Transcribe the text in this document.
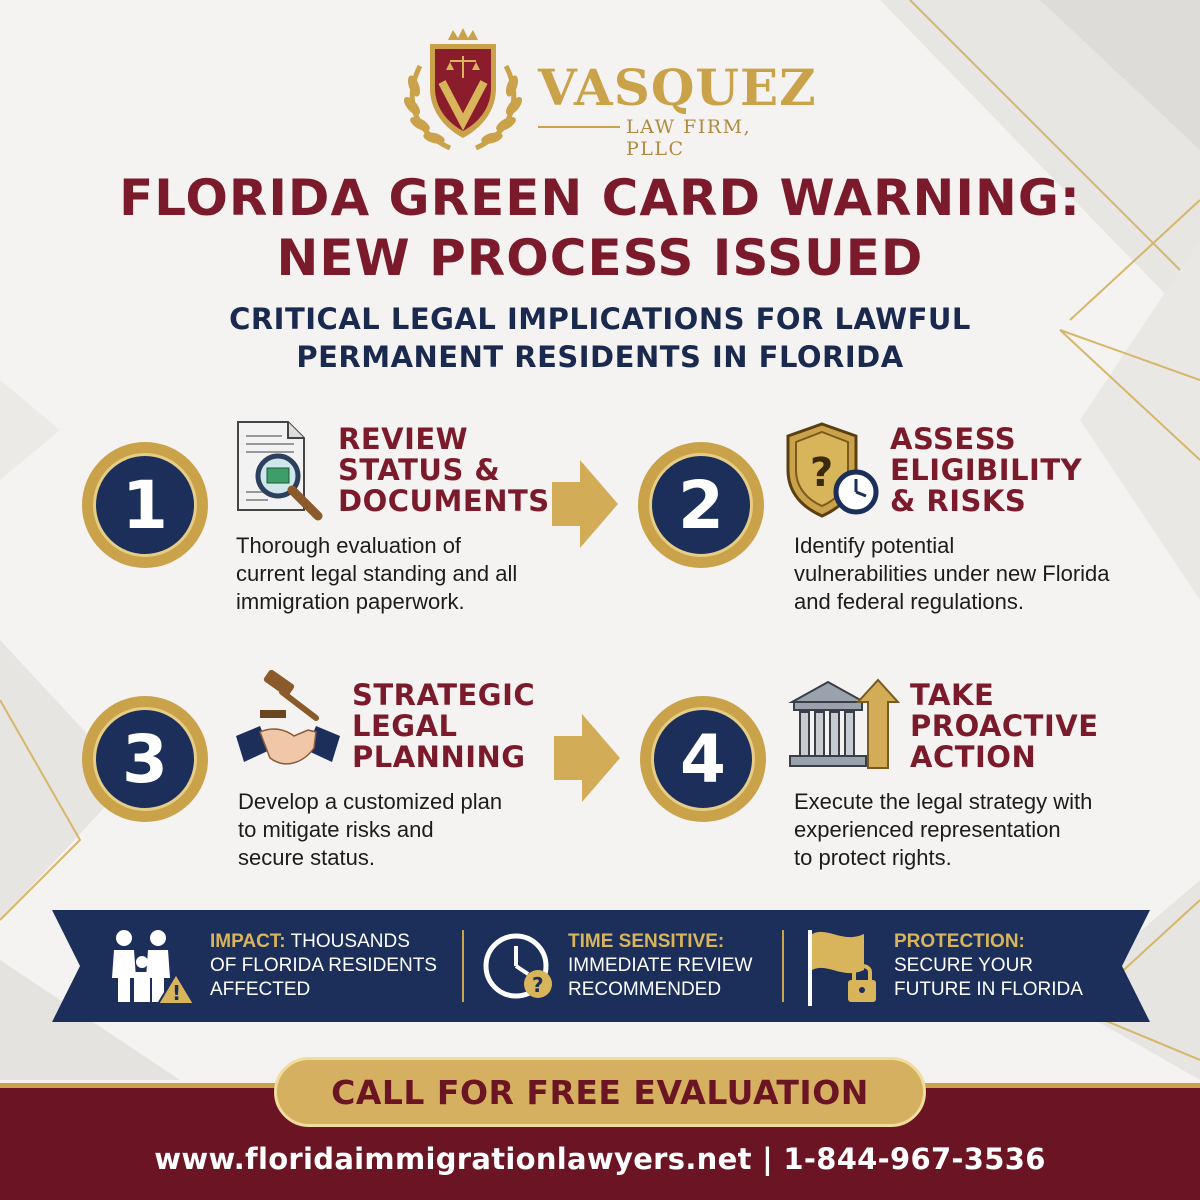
VASQUEZ
LAW FIRM, PLLC
FLORIDA GREEN CARD WARNING:
NEW PROCESS ISSUED
CRITICAL LEGAL IMPLICATIONS FOR LAWFUL
PERMANENT RESIDENTS IN FLORIDA
1
REVIEW
STATUS &
DOCUMENTS
Thorough evaluation of
current legal standing and all
immigration paperwork.
2	?
ASSESS
ELIGIBILITY
& RISKS
Identify potential
vulnerabilities under new Florida
and federal regulations.
3
STRATEGIC
LEGAL
PLANNING
Develop a customized plan
to mitigate risks and
secure status.
4
TAKE
PROACTIVE
ACTION
Execute the legal strategy with
experienced representation
to protect rights.
!
IMPACT: THOUSANDS
OF FLORIDA RESIDENTS
AFFECTED	?
TIME SENSITIVE:
IMMEDIATE REVIEW
RECOMMENDED
PROTECTION:
SECURE YOUR
FUTURE IN FLORIDA
CALL FOR FREE EVALUATION
www.floridaimmigrationlawyers.net | 1-844-967-3536
